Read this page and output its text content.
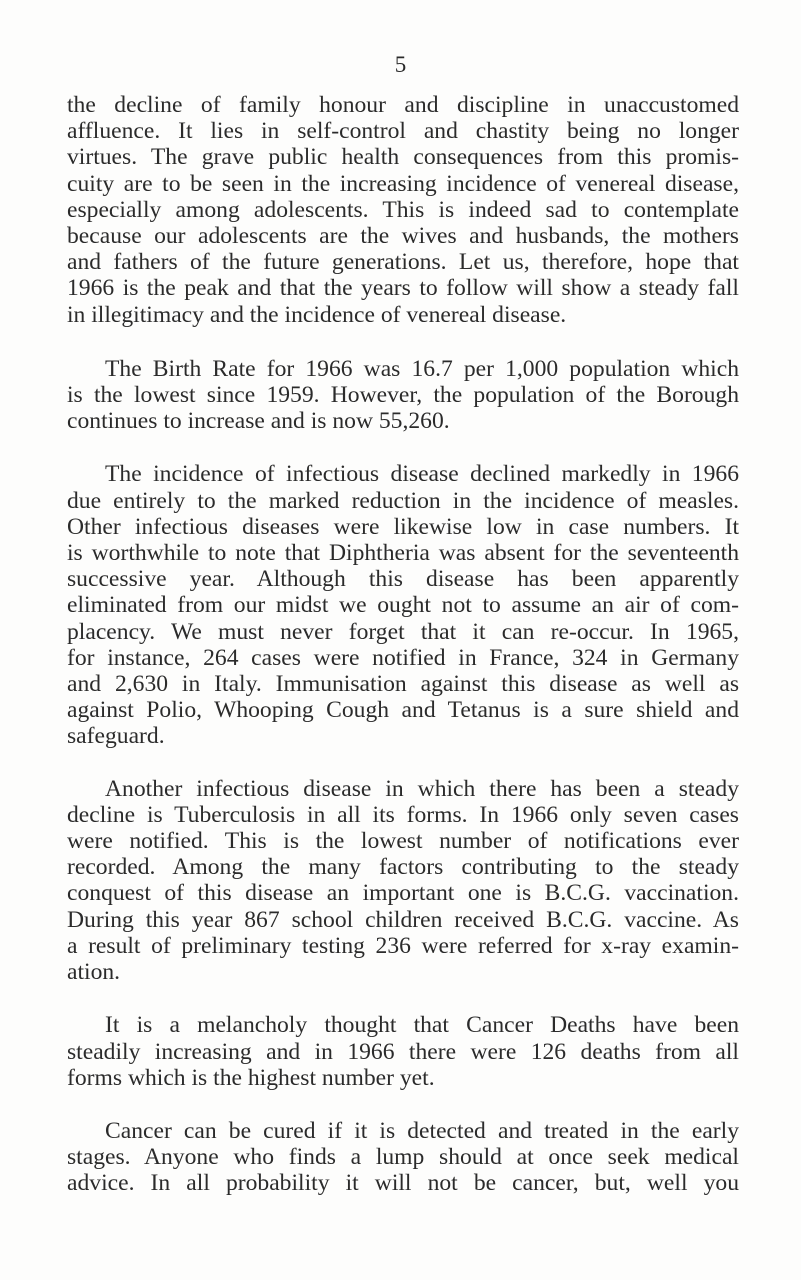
5
the decline of family honour and discipline in unaccustomed
affluence. It lies in self-control and chastity being no longer
virtues. The grave public health consequences from this promis-
cuity are to be seen in the increasing incidence of venereal disease,
especially among adolescents. This is indeed sad to contemplate
because our adolescents are the wives and husbands, the mothers
and fathers of the future generations. Let us, therefore, hope that
1966 is the peak and that the years to follow will show a steady fall
in illegitimacy and the incidence of venereal disease.
The Birth Rate for 1966 was 16.7 per 1,000 population which
is the lowest since 1959. However, the population of the Borough
continues to increase and is now 55,260.
The incidence of infectious disease declined markedly in 1966
due entirely to the marked reduction in the incidence of measles.
Other infectious diseases were likewise low in case numbers. It
is worthwhile to note that Diphtheria was absent for the seventeenth
successive year. Although this disease has been apparently
eliminated from our midst we ought not to assume an air of com-
placency. We must never forget that it can re-occur. In 1965,
for instance, 264 cases were notified in France, 324 in Germany
and 2,630 in Italy. Immunisation against this disease as well as
against Polio, Whooping Cough and Tetanus is a sure shield and
safeguard.
Another infectious disease in which there has been a steady
decline is Tuberculosis in all its forms. In 1966 only seven cases
were notified. This is the lowest number of notifications ever
recorded. Among the many factors contributing to the steady
conquest of this disease an important one is B.C.G. vaccination.
During this year 867 school children received B.C.G. vaccine. As
a result of preliminary testing 236 were referred for x-ray examin-
ation.
It is a melancholy thought that Cancer Deaths have been
steadily increasing and in 1966 there were 126 deaths from all
forms which is the highest number yet.
Cancer can be cured if it is detected and treated in the early
stages. Anyone who finds a lump should at once seek medical
advice. In all probability it will not be cancer, but, well you
